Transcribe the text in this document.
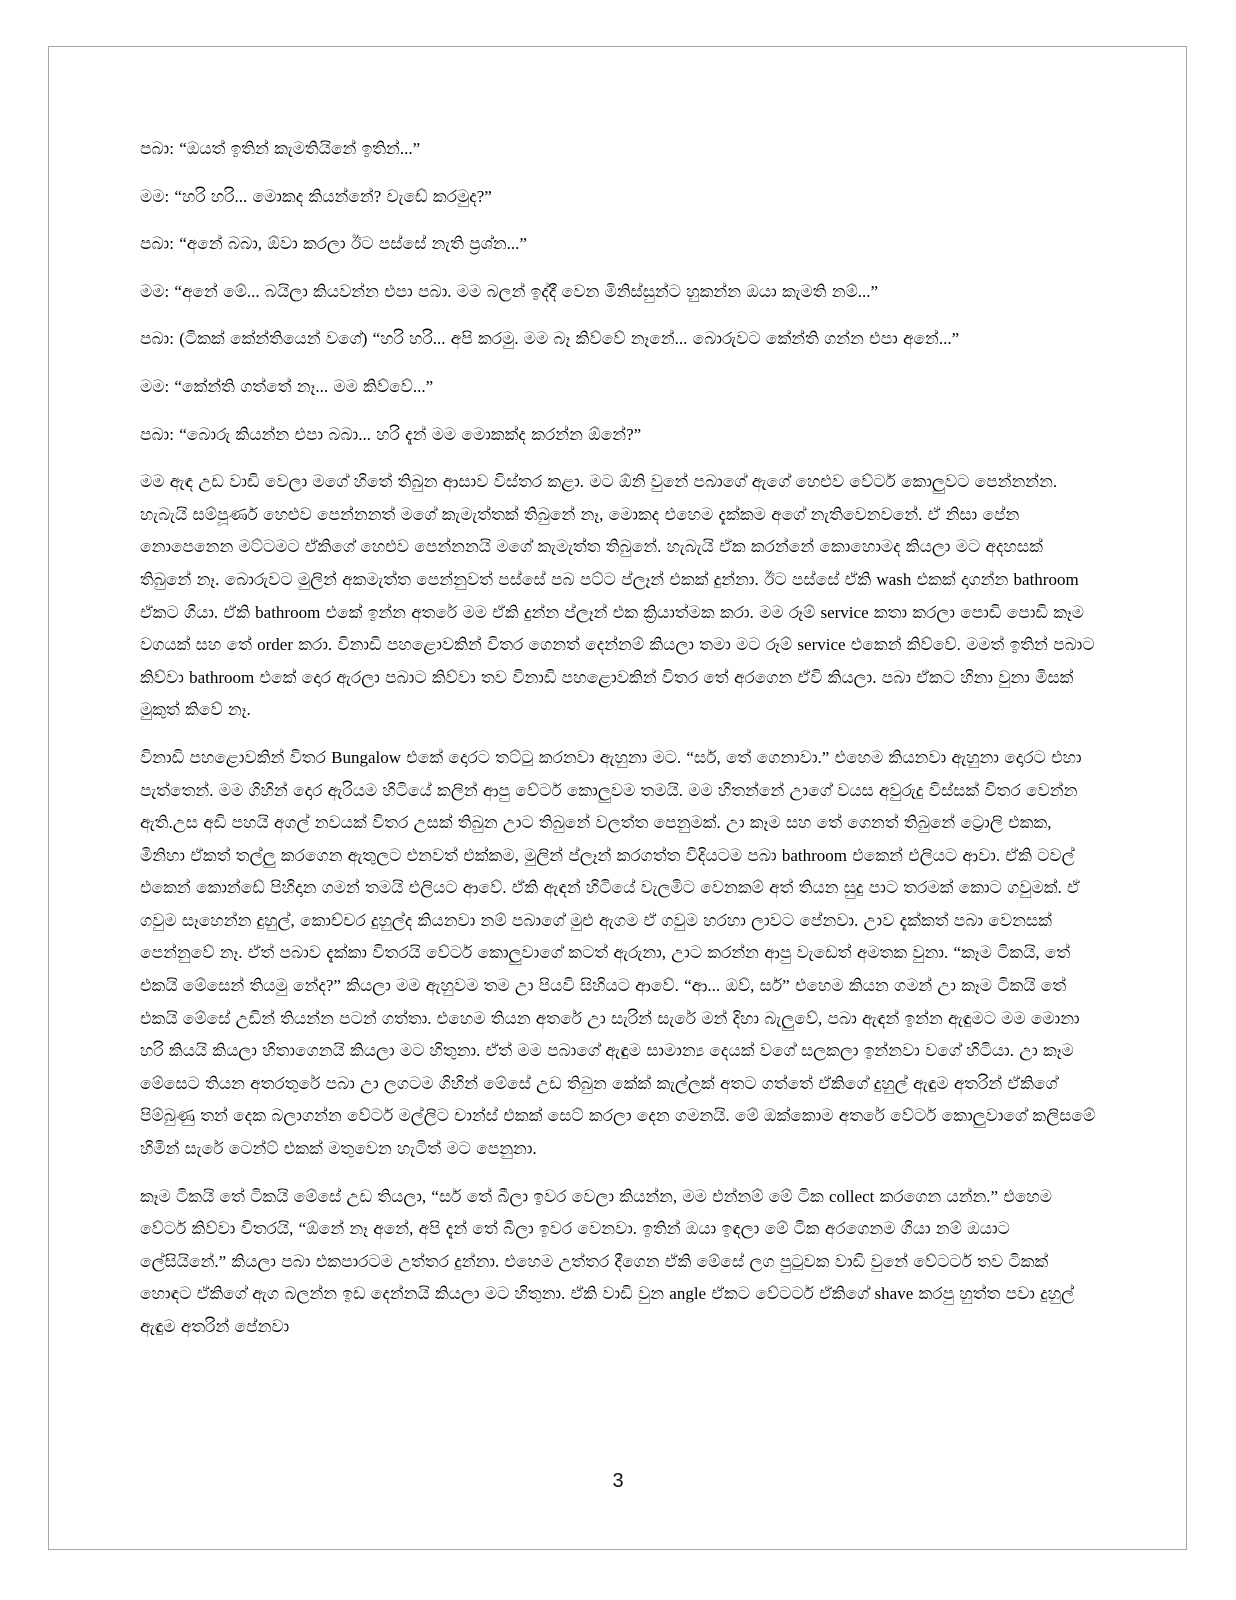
පබා: “ඔයත් ඉතින් කැමතියිනේ ඉතින්...”

මම: “හරි හරි... මොකද කියන්නේ? වැඩේ කරමුද?”

පබා: “අනේ බබා, ඕවා කරලා ඊට පස්සේ නැති ප්‍රශ්න...”

මම: “අනේ මේ... බයිලා කියවන්න එපා පබා. මම බලන් ඉද්දී වෙන මිනිස්සුන්ට හුකන්න ඔයා කැමති නම්...”

පබා: (ටිකක් කේන්තියෙන් වගේ) “හරි හරි... අපි කරමු. මම බෑ කිව්වේ නෑනේ... බොරුවට කේන්ති ගන්න එපා අනේ...”

මම: “කේන්ති ගත්තේ නෑ... මම කිව්වේ...”

පබා: “බොරු කියන්න එපා බබා... හරි දැන් මම මොකක්ද කරන්න ඕනේ?”

මම ඇඳ උඩ වාඩි වෙලා මගේ හිතේ තිබුන ආසාව විස්තර කළා. මට ඕනි වුනේ පබාගේ ඇගේ හෙළුව වේටර් කොලුවට පෙන්නන්න. හැබැයි සම්පූර්ණ හෙළුව පෙන්නනත් මගේ කැමැත්තක් තිබුනේ නෑ, මොකද එහෙම දැක්කම අගේ නැතිවෙනවනේ. ඒ නිසා පේන නොපෙනෙන මට්ටමට ඒකිගේ හෙළුව පෙන්නනයි මගේ කැමැත්ත තිබුනේ. හැබැයි ඒක කරන්නේ කොහොමද කියලා මට අදහසක් තිබුනේ නෑ. බොරුවට මුලින් අකමැත්ත පෙන්නුවත් පස්සේ පබ පට්ට ප්ලෑන් එකක් දුන්නා. ඊට පස්සේ ඒකි wash එකක් දාගන්න bathroom ඒකට ගියා. ඒකි bathroom එකේ ඉන්න අතරේ මම ඒකි දුන්න ප්ලෑන් එක ක්‍රියාත්මක කරා. මම රූම් service කතා කරලා පොඩි පොඩි කෑම වගයක් සහ තේ order කරා. විනාඩි පහළොවකින් විතර ගෙනත් දෙන්නම් කියලා තමා මට රූම් service එකෙන් කිව්වේ. මමත් ඉතින් පබාට කිව්වා bathroom එකේ දොර ඇරලා පබාට කිව්වා තව විනාඩි පහළොවකින් විතර තේ අරගෙන ඒවි කියලා. පබා ඒකට හිනා වුනා මිසක් මුකුත් කිවේ නෑ.

විනාඩි පහළොවකින් විතර Bungalow එකේ දොරට තට්ටු කරනවා ඇහුනා මට. “සර්, තේ ගෙනාවා.” එහෙම කියනවා ඇහුනා දොරට එහා පැත්තෙන්. මම ගිහින් දොර ඇරියම හිටියේ කලින් ආපු වේටර් කොලුවම තමයි. මම හිතන්නේ උාගේ වයස අවුරුදු විස්සක් විතර වෙන්න ඇති.උස අඩි පහයි අගල් නවයක් විතර උසක් තිබුන උාට තිබුනේ වලත්ත පෙනුමක්. උා කෑම සහ තේ ගෙනත් තිබුනේ ට්‍රොලි එකක, මිනිහා ඒකත් තල්ලු කරගෙන ඇතුලට එනවත් එක්කම, මුලින් ප්ලෑන් කරගත්ත විදියටම පබා bathroom එකෙන් එලියට ආවා. ඒකි ටවල් එකෙන් කොන්ඩේ පිහිදාන ගමන් තමයි එලියට ආවේ. ඒකි ඇඳන් හිටියේ වැලමිට වෙනකම් අත් තියන සුදු පාට තරමක් කොට ගවුමක්. ඒ ගවුම සෑහෙන්න දුහුල්, කොච්චර දුහුල්ද කියනවා නම් පබාගේ මුළු ඇගම ඒ ගවුම හරහා ලාවට පේනවා. උාව දැක්කත් පබා වෙනසක් පෙන්නුවේ නෑ. ඒත් පබාව දැක්කා විතරයි වේටර් කොලුවාගේ කටත් ඇරුනා, උාට කරන්න ආපු වැඩෙත් අමතක වුනා. “කෑම ටිකයි, තේ එකයි මේසෙන් තියමු නේද?” කියලා මම ඇහුවම තම උා පියවි සිහියට ආවේ. “ආ... ඔව්, සර්” එහෙම කියන ගමන් උා කෑම ටිකයි තේ එකයි මේසේ උඩින් තියන්න පටන් ගත්තා. එහෙම තියන අතරේ උා සැරින් සැරේ මන් දිහා බැලුවේ, පබා ඇඳන් ඉන්න ඇඳුමට මම මොනා හරි කියයි කියලා හිතාගෙනයි කියලා මට හිතුනා. ඒත් මම පබාගේ ඇඳුම සාමාන්‍ය දෙයක් වගේ සලකලා ඉන්නවා වගේ හිටියා. උා කෑම මේසෙට තියන අතරතුරේ පබා උා ලගටම ගිහින් මේසේ උඩ තිබුන කේක් කැල්ලක් අතට ගත්තේ ඒකිගේ දුහුල් ඇඳුම අතරින් ඒකිගේ පිම්බුණු තන් දෙක බලාගන්න වේටර් මල්ලිට චාන්ස් එකක් සෙට් කරලා දෙන ගමනයි. මේ ඔක්කොම අතරේ වේටර් කොලුවාගේ කලිසමේ හිමින් සැරේ ටෙන්ට් එකක් මතුවෙන හැටිත් මට පෙනුනා.

කෑම ටිකයි තේ ටිකයි මේසේ උඩ තියලා, “සර් තේ බීලා ඉවර වෙලා කියන්න, මම එන්නම් මේ ටික collect කරගෙන යන්න.” එහෙම වේටර් කිව්වා විතරයි, “ඕනේ නෑ අනේ, අපි දැන් තේ බීලා ඉවර වෙනවා. ඉතින් ඔයා ඉඳලා මේ ටික අරගෙනම ගියා නම් ඔයාට ලේසියිනේ.” කියලා පබා එකපාරටම උත්තර දුන්නා. එහෙම උත්තර දීගෙන ඒකි මේසේ ලග පුටුවක වාඩි වුනේ වේටර්ට තව ටිකක් හොඳට ඒකිගේ ඇග බලන්න ඉඩ දෙන්නයි කියලා මට හිතුනා. ඒකි වාඩි වුන angle ඒකට වේටර්ට ඒකිගේ shave කරපු හුත්ත පවා දුහුල් ඇඳුම අතරින් පේනවා

3
